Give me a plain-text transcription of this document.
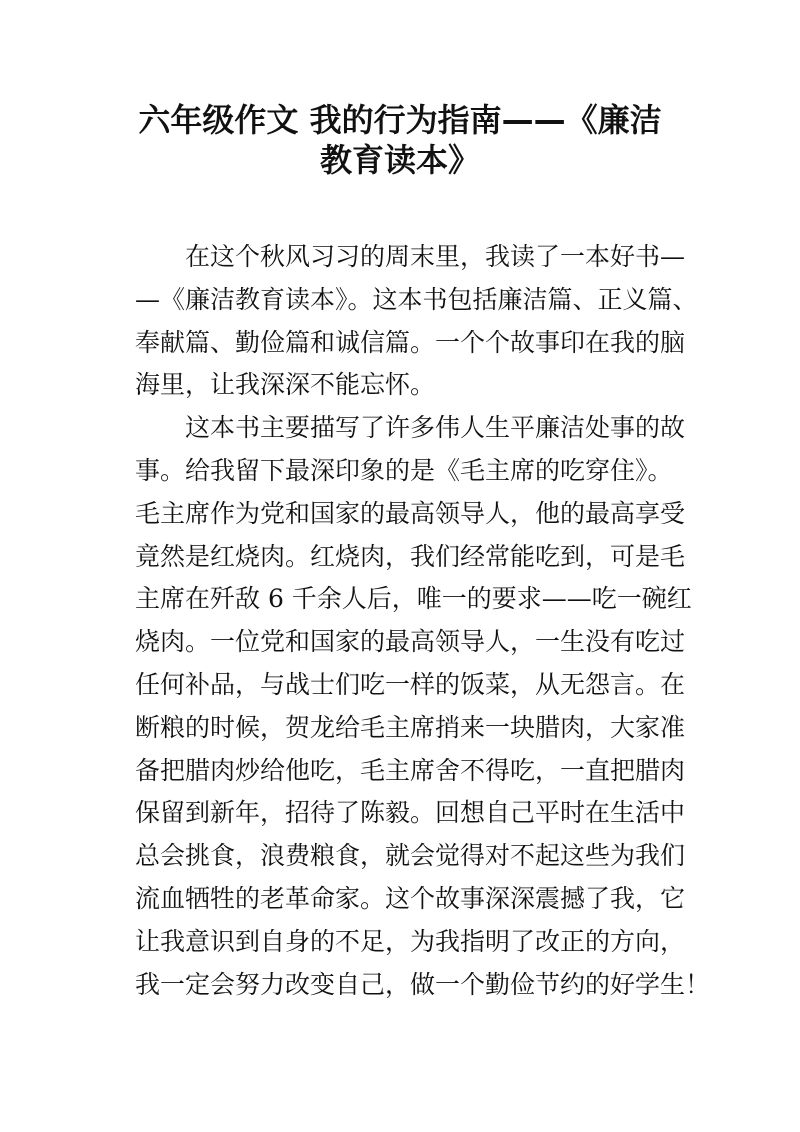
六年级作文 我的行为指南——《廉洁
教育读本》
在这个秋风习习的周末里，我读了一本好书—
—《廉洁教育读本》。这本书包括廉洁篇、正义篇、
奉献篇、勤俭篇和诚信篇。一个个故事印在我的脑
海里，让我深深不能忘怀。
这本书主要描写了许多伟人生平廉洁处事的故
事。给我留下最深印象的是《毛主席的吃穿住》。
毛主席作为党和国家的最高领导人，他的最高享受
竟然是红烧肉。红烧肉，我们经常能吃到，可是毛
主席在歼敌 6 千余人后，唯一的要求——吃一碗红
烧肉。一位党和国家的最高领导人，一生没有吃过
任何补品，与战士们吃一样的饭菜，从无怨言。在
断粮的时候，贺龙给毛主席捎来一块腊肉，大家准
备把腊肉炒给他吃，毛主席舍不得吃，一直把腊肉
保留到新年，招待了陈毅。回想自己平时在生活中
总会挑食，浪费粮食，就会觉得对不起这些为我们
流血牺牲的老革命家。这个故事深深震撼了我，它
让我意识到自身的不足，为我指明了改正的方向，
我一定会努力改变自己，做一个勤俭节约的好学生！
